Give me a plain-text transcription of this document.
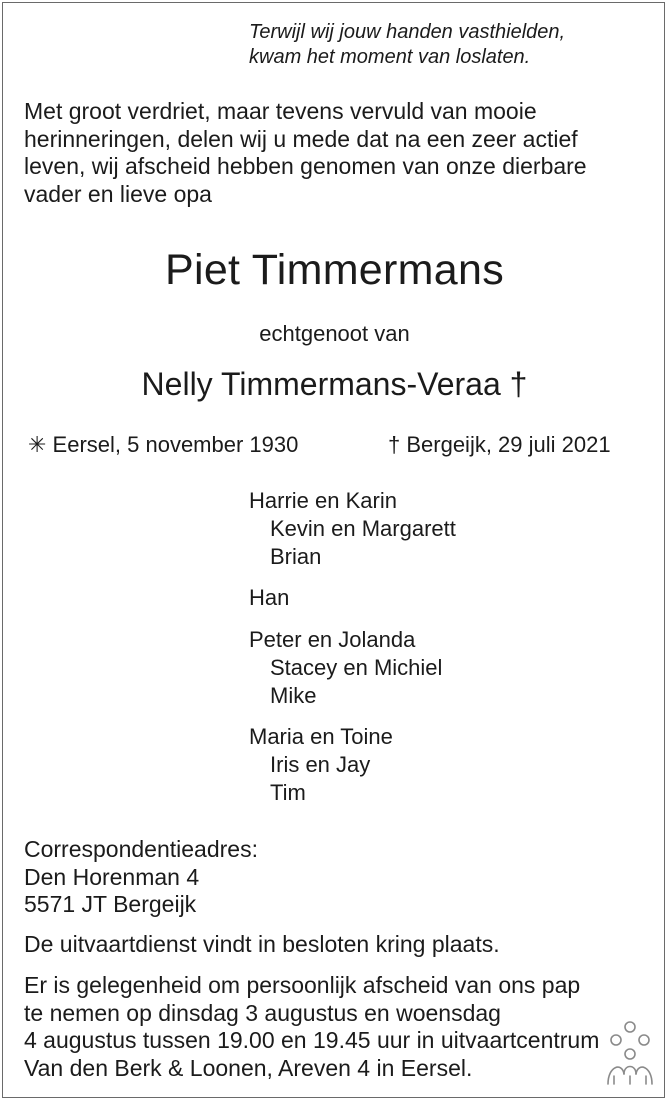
Terwijl wij jouw handen vasthielden,
kwam het moment van loslaten.
Met groot verdriet, maar tevens vervuld van mooie
herinneringen, delen wij u mede dat na een zeer actief
leven, wij afscheid hebben genomen van onze dierbare
vader en lieve opa
Piet Timmermans
echtgenoot van
Nelly Timmermans-Veraa †
✳ Eersel, 5 november 1930	† Bergeijk, 29 juli 2021
Harrie en Karin
Kevin en Margarett
Brian
Han
Peter en Jolanda
Stacey en Michiel
Mike
Maria en Toine
Iris en Jay
Tim
Correspondentieadres:
Den Horenman 4
5571 JT Bergeijk
De uitvaartdienst vindt in besloten kring plaats.
Er is gelegenheid om persoonlijk afscheid van ons pap
te nemen op dinsdag 3 augustus en woensdag
4 augustus tussen 19.00 en 19.45 uur in uitvaartcentrum
Van den Berk & Loonen, Areven 4 in Eersel.
